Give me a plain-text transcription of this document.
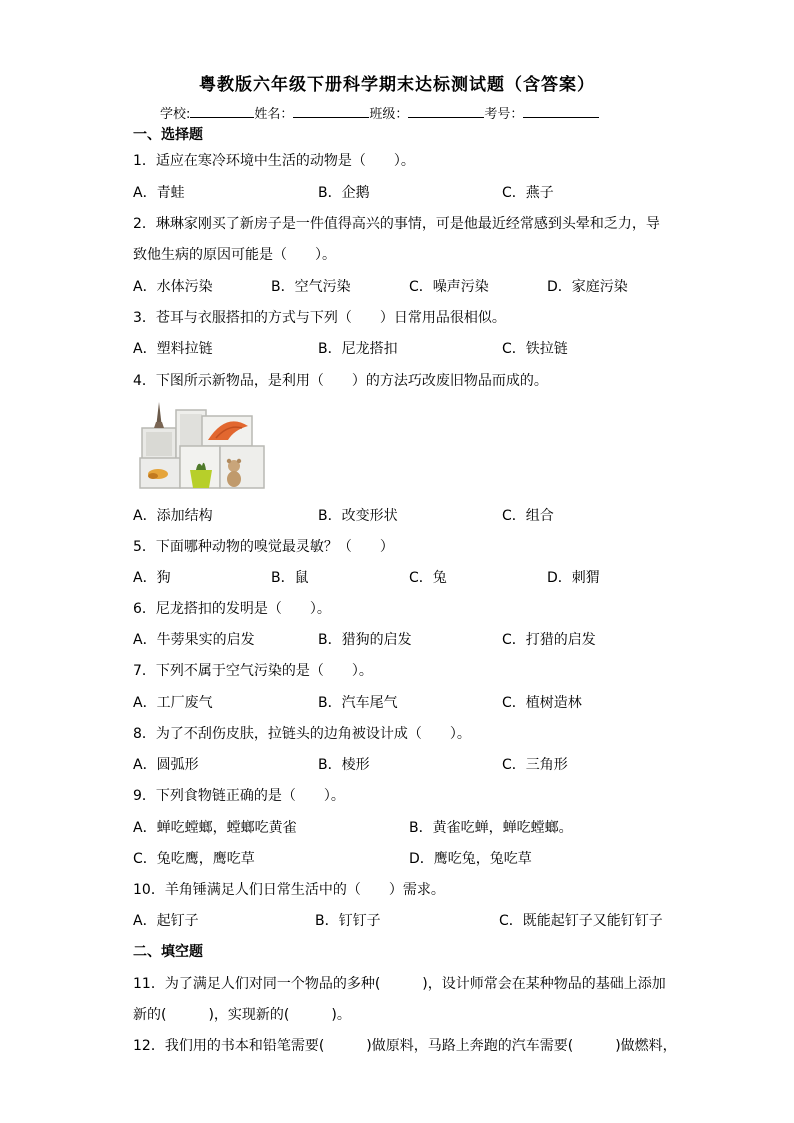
粤教版六年级下册科学期末达标测试题（含答案）
学校:	姓名：	班级：	考号：
一、选择题
1．适应在寒冷环境中生活的动物是（　　）。
A．青蛙	B．企鹅	C．燕子
2．琳琳家刚买了新房子是一件值得高兴的事情，可是他最近经常感到头晕和乏力，导
致他生病的原因可能是（　　）。
A．水体污染	B．空气污染	C．噪声污染	D．家庭污染
3．苍耳与衣服搭扣的方式与下列（　　）日常用品很相似。
A．塑料拉链	B．尼龙搭扣	C．铁拉链
4．下图所示新物品，是利用（　　）的方法巧改废旧物品而成的。
A．添加结构	B．改变形状	C．组合
5．下面哪种动物的嗅觉最灵敏？（　　）
A．狗	B．鼠	C．兔	D．刺猬
6．尼龙搭扣的发明是（　　）。
A．牛蒡果实的启发	B．猎狗的启发	C．打猎的启发
7．下列不属于空气污染的是（　　）。
A．工厂废气	B．汽车尾气	C．植树造林
8．为了不刮伤皮肤，拉链头的边角被设计成（　　）。
A．圆弧形	B．棱形	C．三角形
9．下列食物链正确的是（　　）。
A．蝉吃螳螂，螳螂吃黄雀	B．黄雀吃蝉，蝉吃螳螂。
C．兔吃鹰，鹰吃草	D．鹰吃兔，兔吃草
10．羊角锤满足人们日常生活中的（　　）需求。
A．起钉子	B．钉钉子	C．既能起钉子又能钉钉子
二、填空题
11．为了满足人们对同一个物品的多种(　　　)，设计师常会在某种物品的基础上添加
新的(　　　)，实现新的(　　　)。
12．我们用的书本和铅笔需要(　　　)做原料，马路上奔跑的汽车需要(　　　)做燃料，
